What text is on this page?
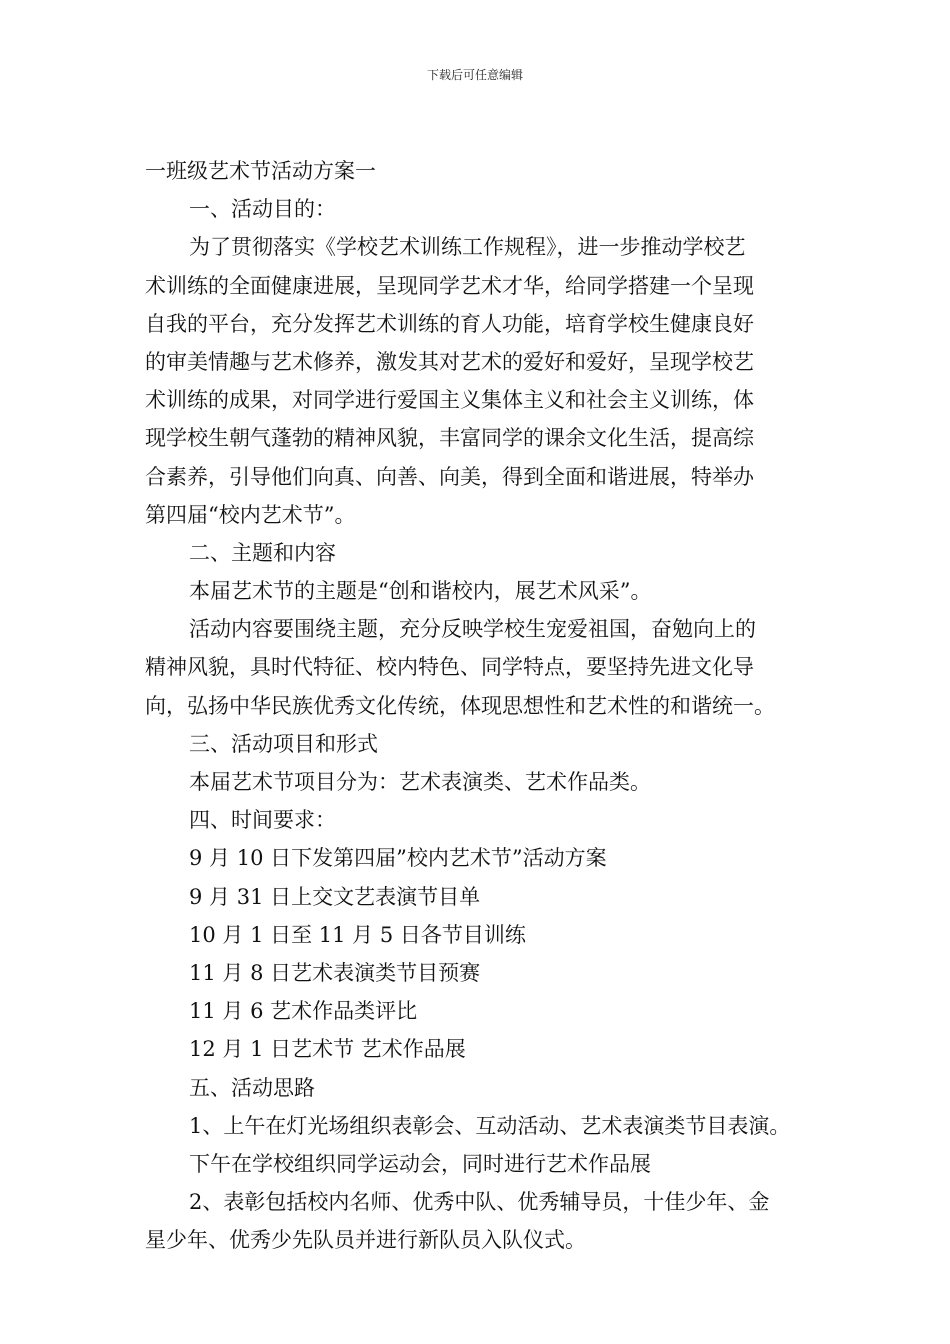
下载后可任意编辑
一班级艺术节活动方案一
一、活动目的：
为了贯彻落实《学校艺术训练工作规程》，进一步推动学校艺
术训练的全面健康进展，呈现同学艺术才华，给同学搭建一个呈现
自我的平台，充分发挥艺术训练的育人功能，培育学校生健康良好
的审美情趣与艺术修养，激发其对艺术的爱好和爱好，呈现学校艺
术训练的成果，对同学进行爱国主义集体主义和社会主义训练，体
现学校生朝气蓬勃的精神风貌，丰富同学的课余文化生活，提高综
合素养，引导他们向真、向善、向美，得到全面和谐进展，特举办
第四届“校内艺术节”。
二、主题和内容
本届艺术节的主题是“创和谐校内，展艺术风采”。
活动内容要围绕主题，充分反映学校生宠爱祖国，奋勉向上的
精神风貌，具时代特征、校内特色、同学特点，要坚持先进文化导
向，弘扬中华民族优秀文化传统，体现思想性和艺术性的和谐统一。
三、活动项目和形式
本届艺术节项目分为：艺术表演类、艺术作品类。
四、时间要求：
9 月 10 日下发第四届”校内艺术节”活动方案
9 月 31 日上交文艺表演节目单
10 月 1 日至 11 月 5 日各节目训练
11 月 8 日艺术表演类节目预赛
11 月 6 艺术作品类评比
12 月 1 日艺术节 艺术作品展
五、活动思路
1、上午在灯光场组织表彰会、互动活动、艺术表演类节目表演。
下午在学校组织同学运动会，同时进行艺术作品展
2、表彰包括校内名师、优秀中队、优秀辅导员，十佳少年、金
星少年、优秀少先队员并进行新队员入队仪式。
